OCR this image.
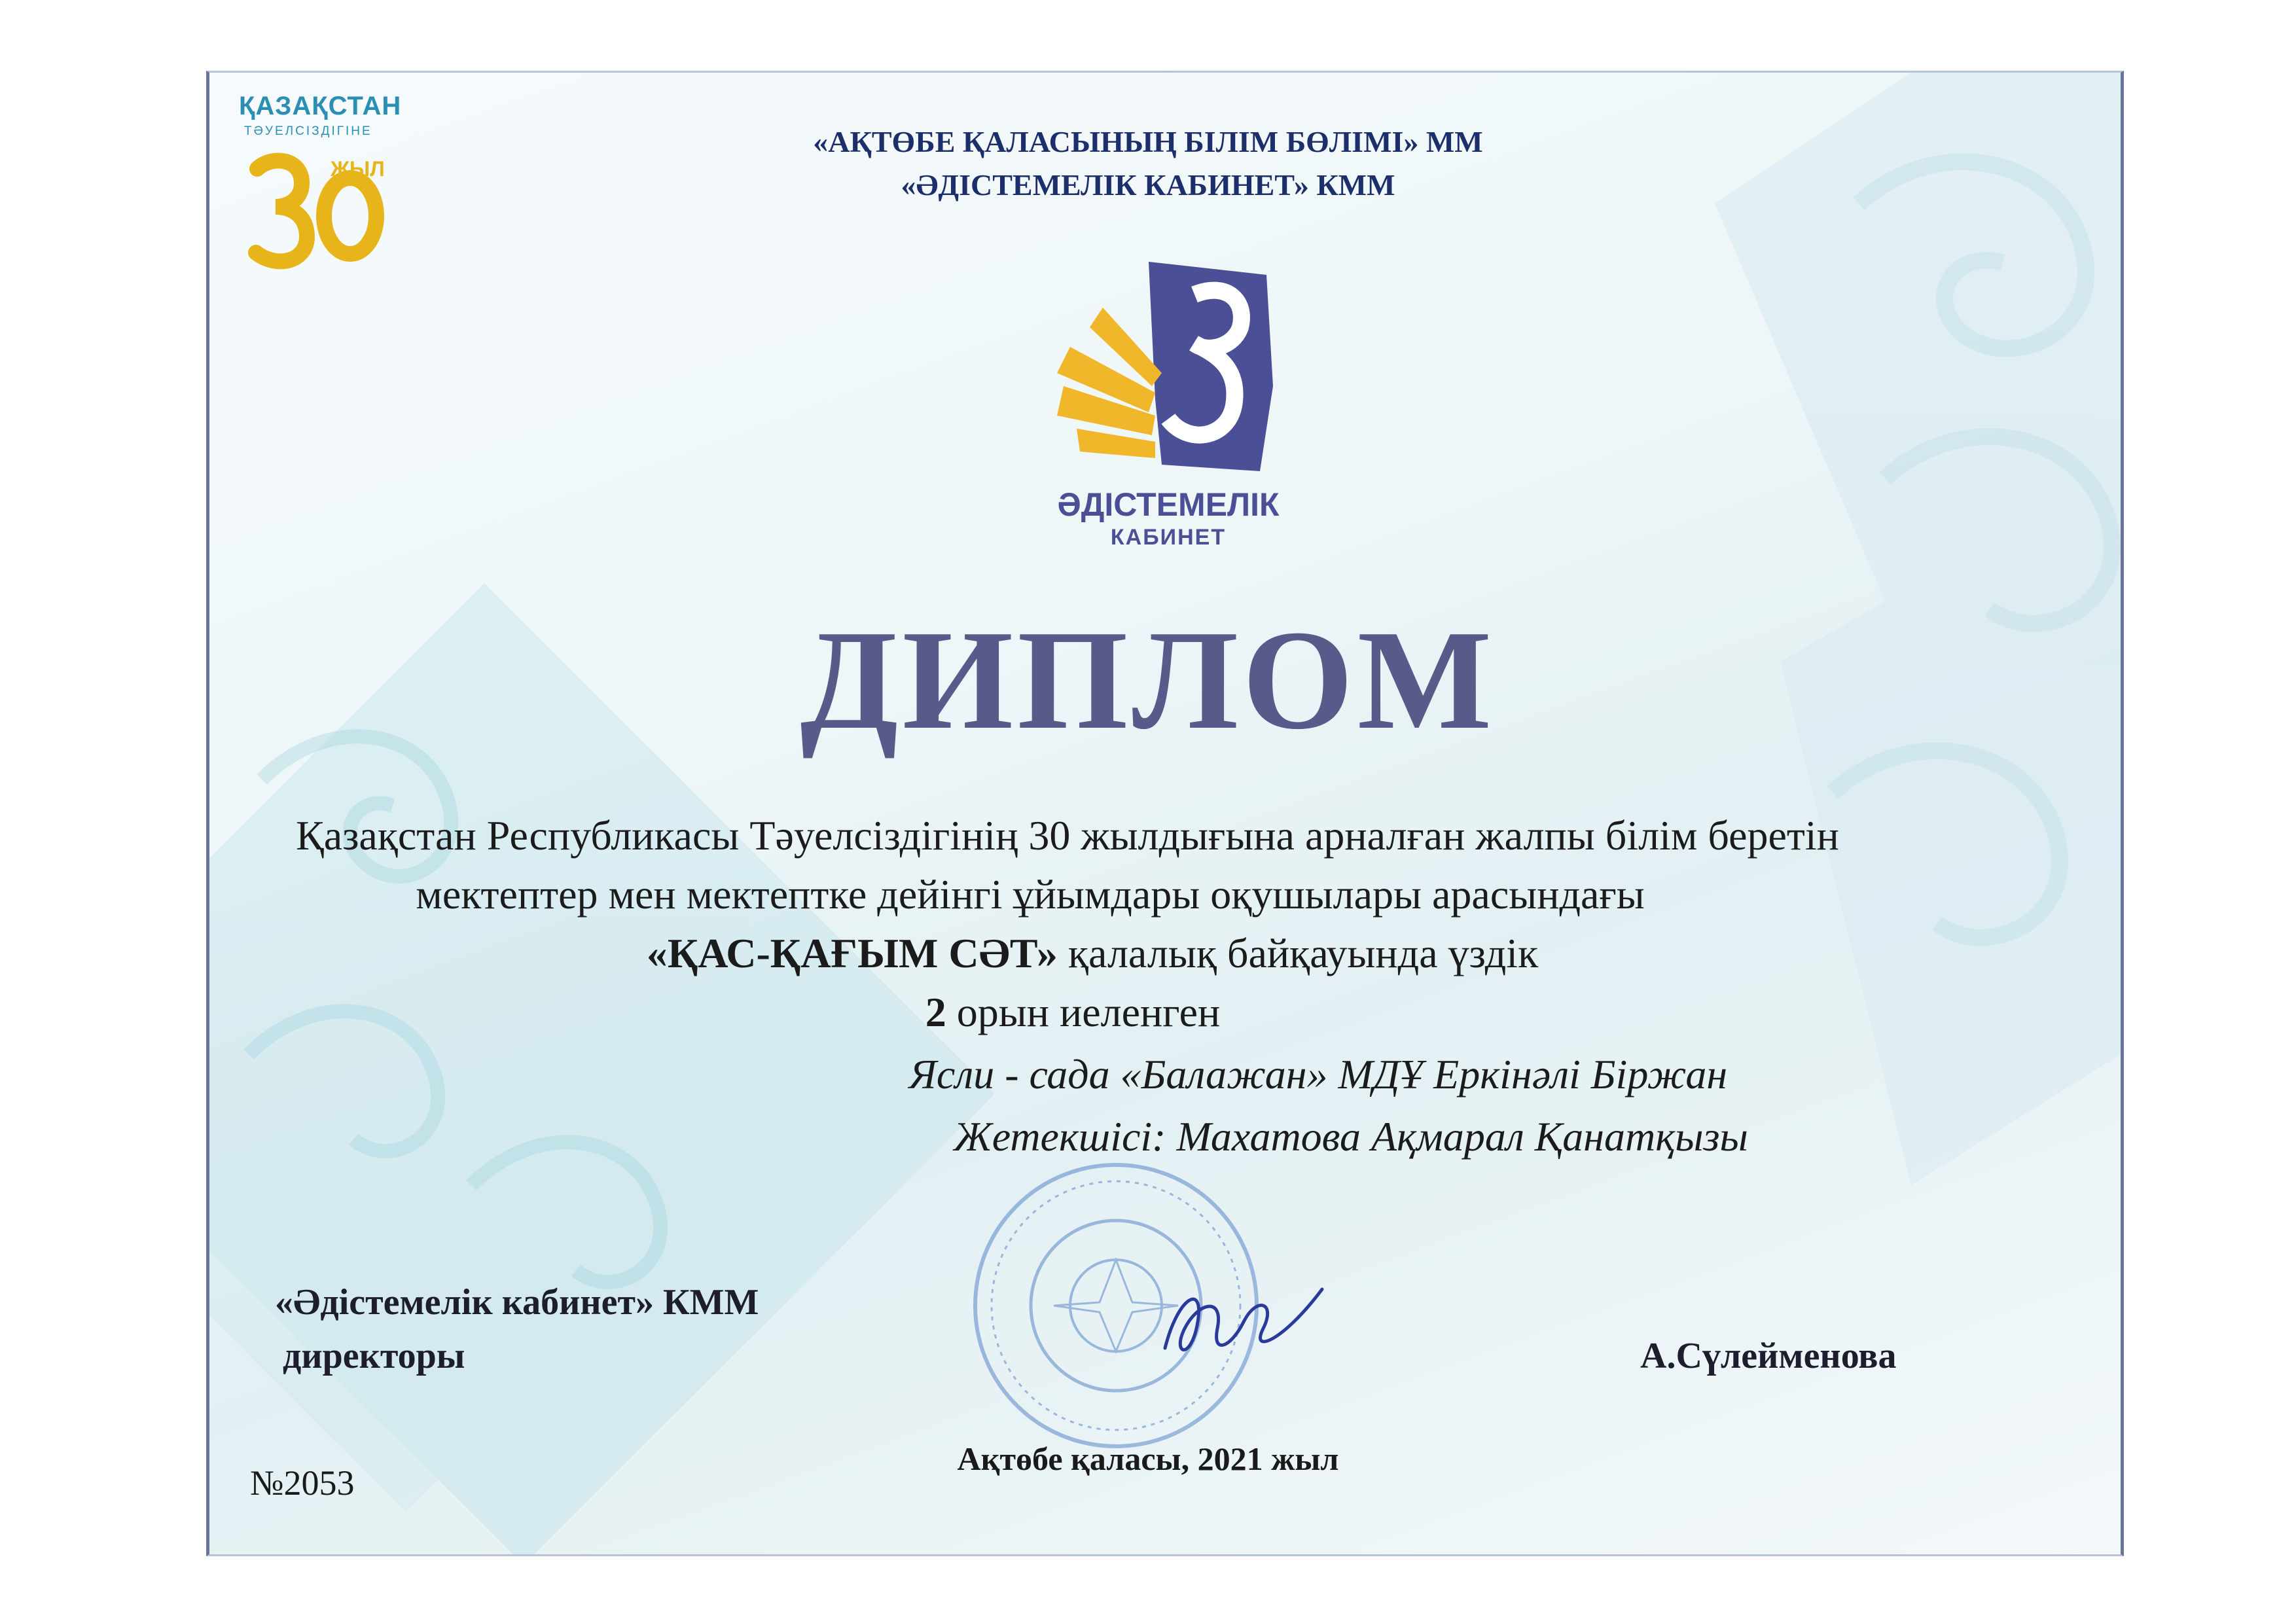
ҚАЗАҚСТАН
ТӘУЕЛСІЗДІГІНЕ
ЖЫЛ
«АҚТӨБЕ ҚАЛАСЫНЫҢ БІЛІМ БӨЛІМІ» ММ
«ӘДІСТЕМЕЛІК КАБИНЕТ» КММ
ӘДІСТЕМЕЛІК
КАБИНЕТ
ДИПЛОМ
Қазақстан Республикасы Тәуелсіздігінің 30 жылдығына арналған жалпы білім беретін
мектептер мен мектептке дейінгі ұйымдары оқушылары арасындағы
«ҚАС-ҚАҒЫМ СӘТ» қалалық байқауында үздік
2 орын иеленген
Ясли - сада «Балажан» МДҰ Еркінәлі Біржан
Жетекшісі: Махатова Ақмарал Қанатқызы
«Әдістемелік кабинет» КММ
директоры	А.Сүлейменова
Ақтөбе қаласы, 2021 жыл
№2053
